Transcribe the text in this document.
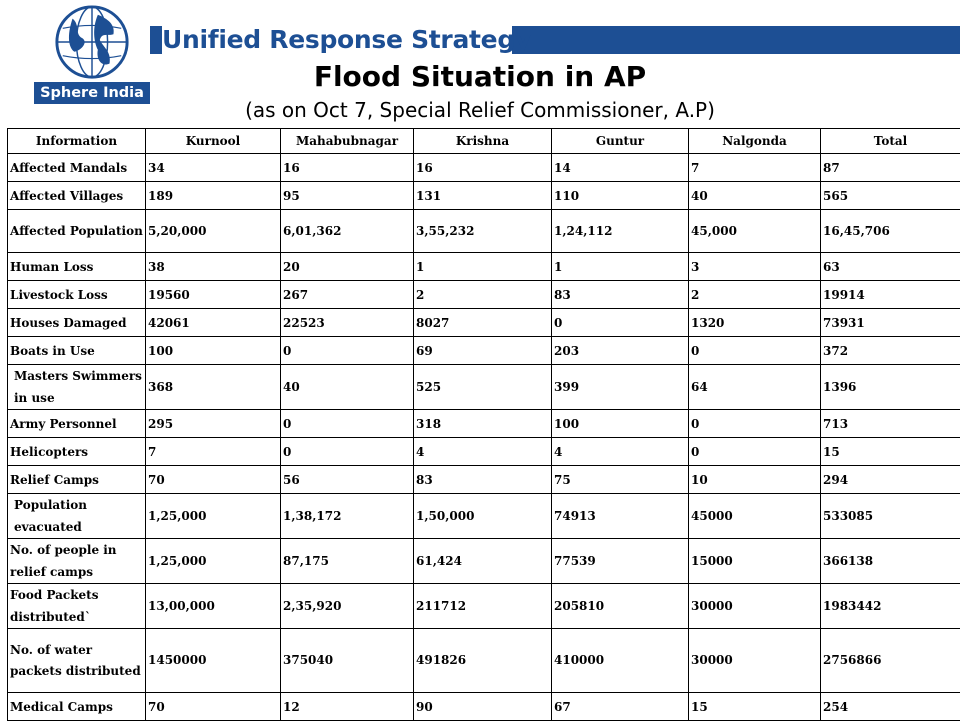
Unified Response Strategy
Sphere India	Flood Situation in AP
(as on Oct 7, Special Relief Commissioner, A.P)
Information	Kurnool	Mahabubnagar	Krishna	Guntur	Nalgonda	Total
Affected Mandals	34	16	16	14	7	87
Affected Villages	189	95	131	110	40	565
Affected Population	5,20,000	6,01,362	3,55,232	1,24,112	45,000	16,45,706
Human Loss	38	20	1	1	3	63
Livestock Loss	19560	267	2	83	2	19914
Houses Damaged	42061	22523	8027	0	1320	73931
Boats in Use	100	0	69	203	0	372
Masters Swimmers in use	368	40	525	399	64	1396
Army Personnel	295	0	318	100	0	713
Helicopters	7	0	4	4	0	15
Relief Camps	70	56	83	75	10	294
Population evacuated	1,25,000	1,38,172	1,50,000	74913	45000	533085
No. of people in relief camps	1,25,000	87,175	61,424	77539	15000	366138
Food Packets distributed`	13,00,000	2,35,920	211712	205810	30000	1983442
No. of water packets distributed	1450000	375040	491826	410000	30000	2756866
Medical Camps	70	12	90	67	15	254
